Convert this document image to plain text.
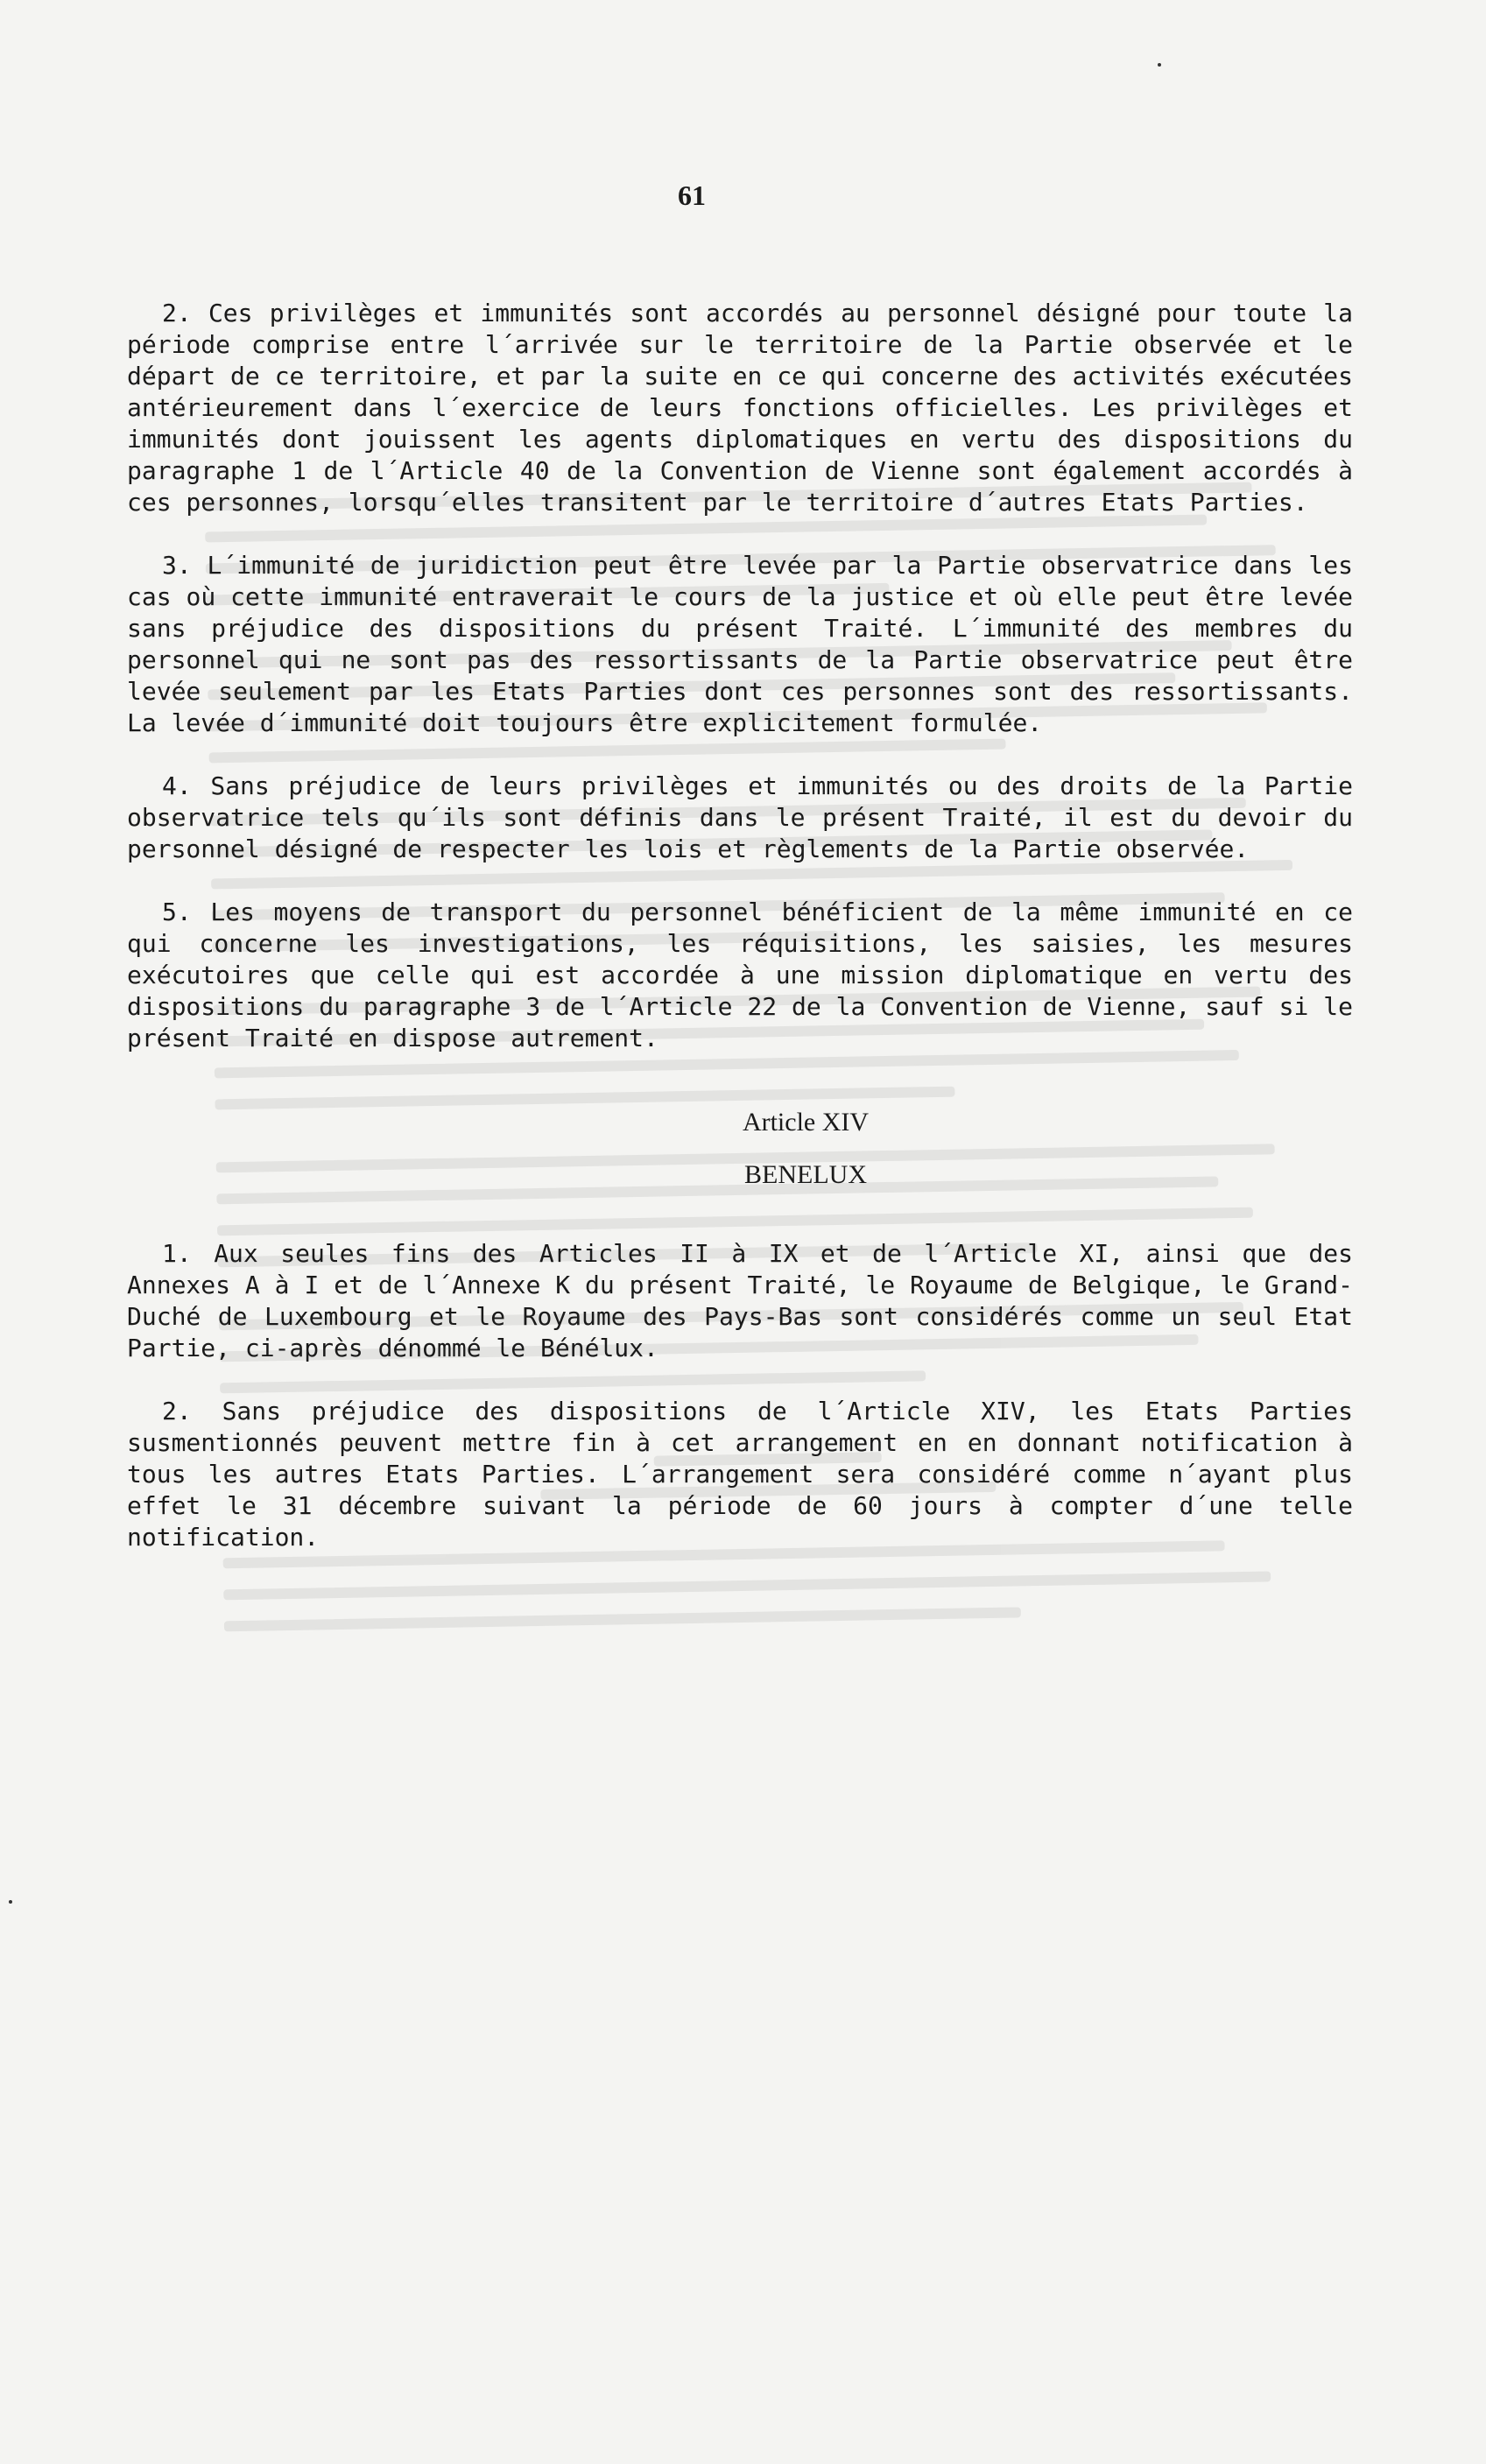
61

2. Ces privilèges et immunités sont accordés au personnel désigné pour toute la période comprise entre l´arrivée sur le territoire de la Partie observée et le départ de ce territoire, et par la suite en ce qui concerne des activités exécutées antérieurement dans l´exercice de leurs fonctions officielles. Les privilèges et immunités dont jouissent les agents diplomatiques en vertu des dispositions du paragraphe 1 de l´Article 40 de la Convention de Vienne sont également accordés à ces personnes, lorsqu´elles transitent par le territoire d´autres Etats Parties.

3. L´immunité de juridiction peut être levée par la Partie observatrice dans les cas où cette immunité entraverait le cours de la justice et où elle peut être levée sans préjudice des dispositions du présent Traité. L´immunité des membres du personnel qui ne sont pas des ressortissants de la Partie observatrice peut être levée seulement par les Etats Parties dont ces personnes sont des ressortissants. La levée d´immunité doit toujours être explicitement formulée.

4. Sans préjudice de leurs privilèges et immunités ou des droits de la Partie observatrice tels qu´ils sont définis dans le présent Traité, il est du devoir du personnel désigné de respecter les lois et règlements de la Partie observée.

5. Les moyens de transport du personnel bénéficient de la même immunité en ce qui concerne les investigations, les réquisitions, les saisies, les mesures exécutoires que celle qui est accordée à une mission diplomatique en vertu des dispositions du paragraphe 3 de l´Article 22 de la Convention de Vienne, sauf si le présent Traité en dispose autrement.

Article XIV
BENELUX

1. Aux seules fins des Articles II à IX et de l´Article XI, ainsi que des Annexes A à I et de l´Annexe K du présent Traité, le Royaume de Belgique, le Grand-Duché de Luxembourg et le Royaume des Pays-Bas sont considérés comme un seul Etat Partie, ci-après dénommé le Bénélux.

2. Sans préjudice des dispositions de l´Article XIV, les Etats Parties susmentionnés peuvent mettre fin à cet arrangement en en donnant notification à tous les autres Etats Parties. L´arrangement sera considéré comme n´ayant plus effet le 31 décembre suivant la période de 60 jours à compter d´une telle notification.
